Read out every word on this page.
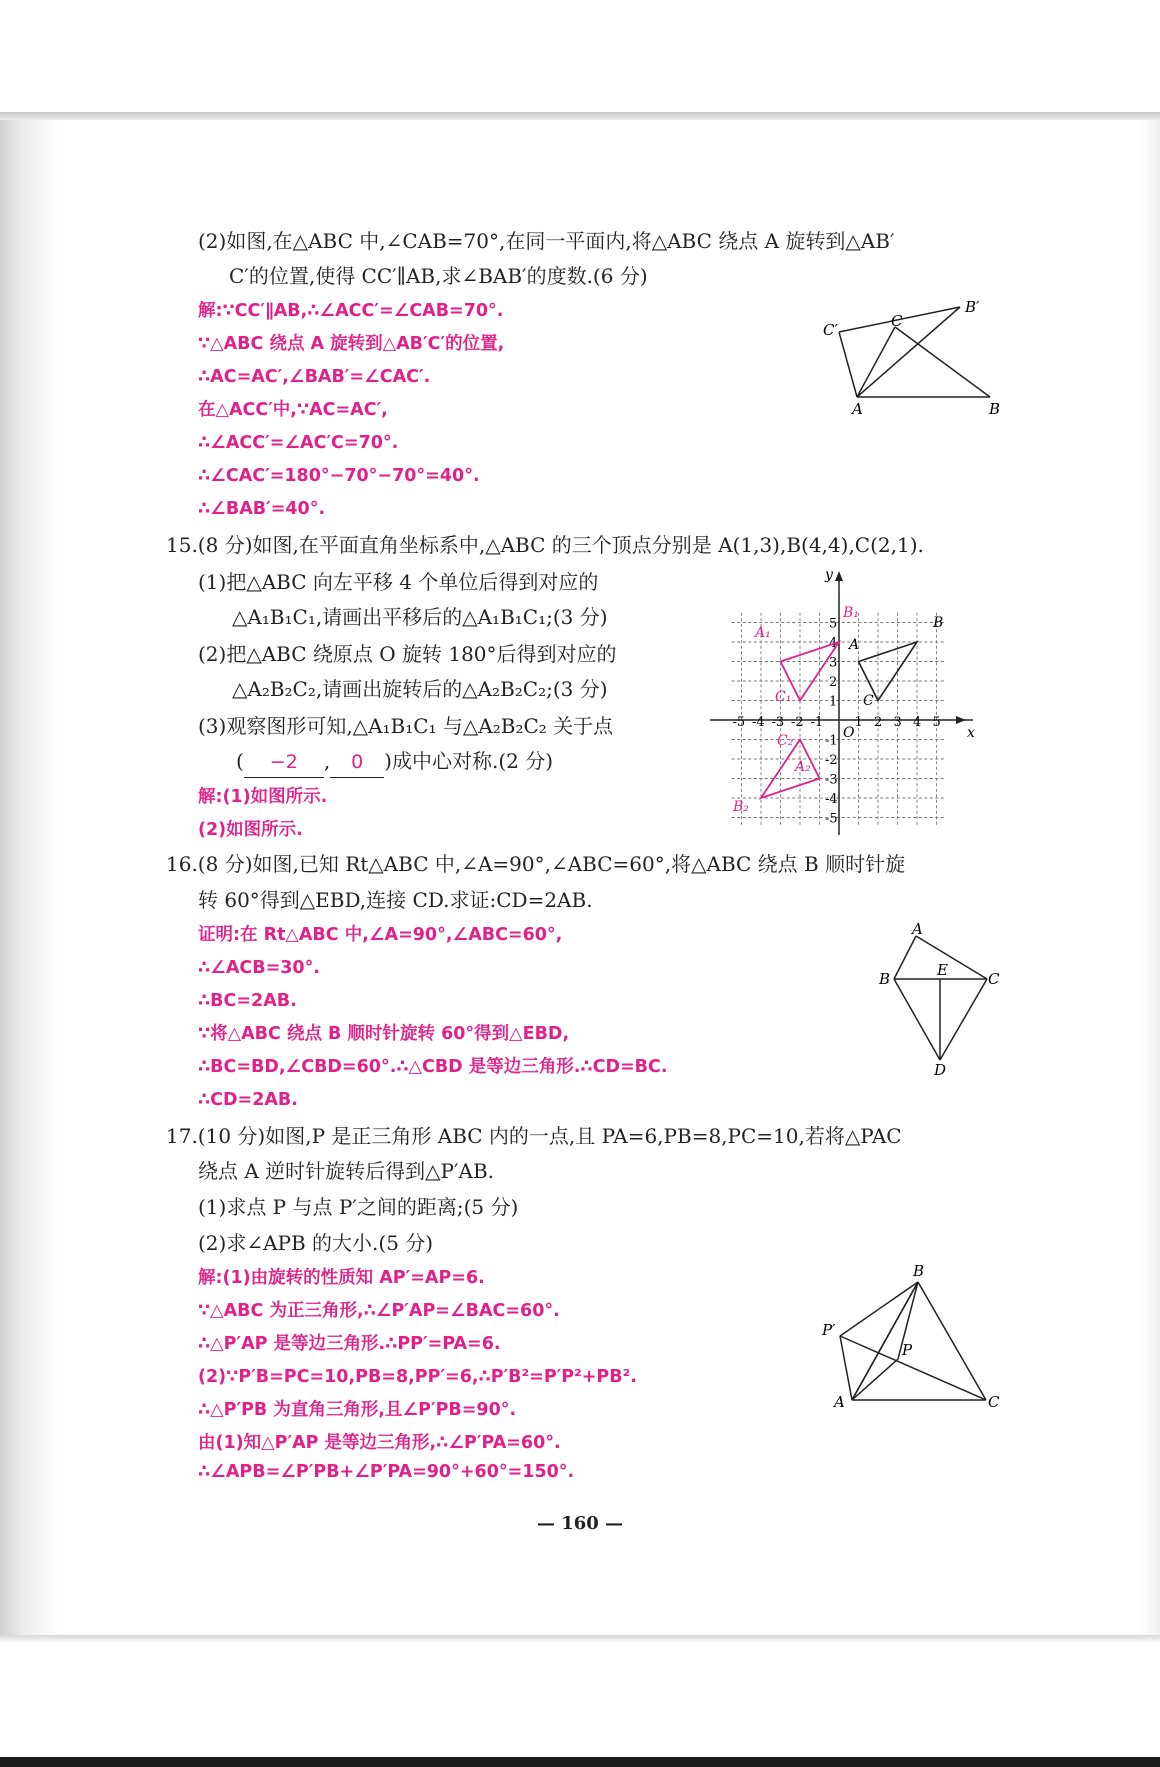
(2)如图,在△ABC 中,∠CAB=70°,在同一平面内,将△ABC 绕点 A 旋转到△AB′
C′的位置,使得 CC′∥AB,求∠BAB′的度数.(6 分)
解:∵CC′∥AB,∴∠ACC′=∠CAB=70°.
∵△ABC 绕点 A 旋转到△AB′C′的位置,
∴AC=AC′,∠BAB′=∠CAC′.
在△ACC′中,∵AC=AC′,
∴∠ACC′=∠AC′C=70°.
∴∠CAC′=180°−70°−70°=40°.
∴∠BAB′=40°.
C′	C
B′
A	B
15.(8 分)如图,在平面直角坐标系中,△ABC 的三个顶点分别是 A(1,3),B(4,4),C(2,1).
(1)把△ABC 向左平移 4 个单位后得到对应的
△A₁B₁C₁,请画出平移后的△A₁B₁C₁;(3 分)
(2)把△ABC 绕原点 O 旋转 180°后得到对应的
△A₂B₂C₂,请画出旋转后的△A₂B₂C₂;(3 分)
(3)观察图形可知,△A₁B₁C₁ 与△A₂B₂C₂ 关于点
( −2 , 0 )成中心对称.(2 分)
解:(1)如图所示.
(2)如图所示.
x
y
O
-5 -4 -3 -2 -1 1 2 3 4 5
5
4
3
2
1
-1
-2
-3
-4
-5
A
B
C
A₁
B₁
C₁
C₂
A₂
B₂
16.(8 分)如图,已知 Rt△ABC 中,∠A=90°,∠ABC=60°,将△ABC 绕点 B 顺时针旋
转 60°得到△EBD,连接 CD.求证:CD=2AB.
证明:在 Rt△ABC 中,∠A=90°,∠ABC=60°,
∴∠ACB=30°.
∴BC=2AB.
∵将△ABC 绕点 B 顺时针旋转 60°得到△EBD,
∴BC=BD,∠CBD=60°.∴△CBD 是等边三角形.∴CD=BC.
∴CD=2AB.
A
B	E	C
D
17.(10 分)如图,P 是正三角形 ABC 内的一点,且 PA=6,PB=8,PC=10,若将△PAC
绕点 A 逆时针旋转后得到△P′AB.
(1)求点 P 与点 P′之间的距离;(5 分)
(2)求∠APB 的大小.(5 分)
解:(1)由旋转的性质知 AP′=AP=6.
∵△ABC 为正三角形,∴∠P′AP=∠BAC=60°.
∴△P′AP 是等边三角形.∴PP′=PA=6.
(2)∵P′B=PC=10,PB=8,PP′=6,∴P′B²=P′P²+PB².
∴△P′PB 为直角三角形,且∠P′PB=90°.
由(1)知△P′AP 是等边三角形,∴∠P′PA=60°.
∴∠APB=∠P′PB+∠P′PA=90°+60°=150°.
B
P′
P
A	C
— 160 —
